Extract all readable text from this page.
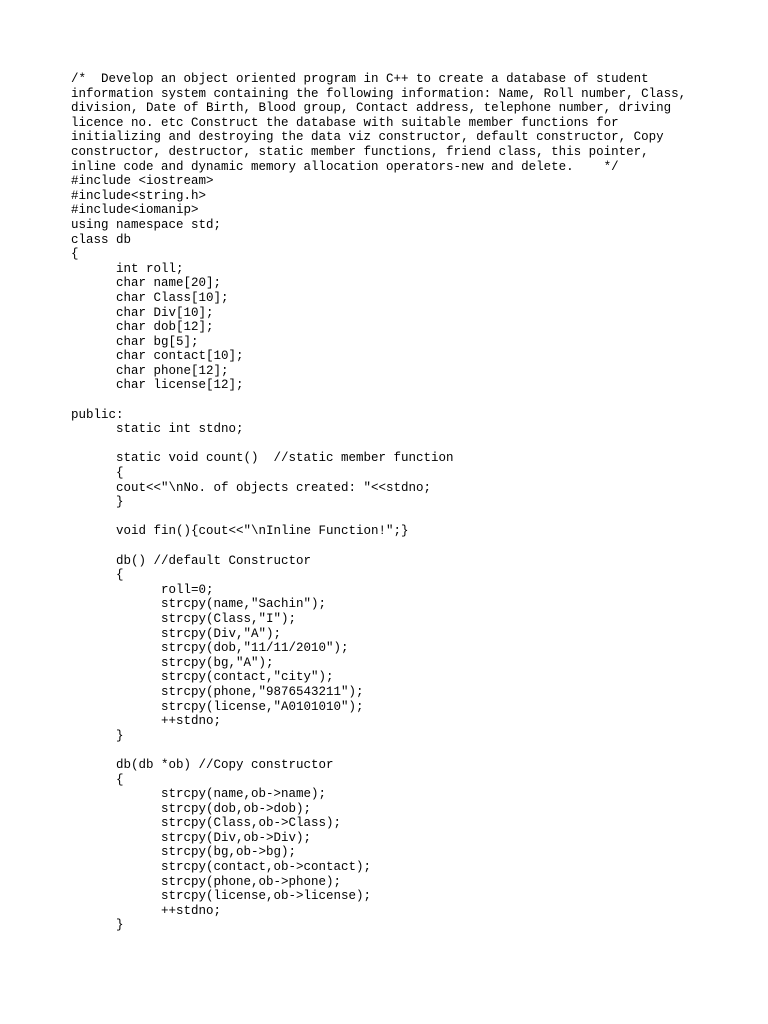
/*  Develop an object oriented program in C++ to create a database of student
information system containing the following information: Name, Roll number, Class,
division, Date of Birth, Blood group, Contact address, telephone number, driving
licence no. etc Construct the database with suitable member functions for
initializing and destroying the data viz constructor, default constructor, Copy
constructor, destructor, static member functions, friend class, this pointer,
inline code and dynamic memory allocation operators-new and delete.    */
#include <iostream>
#include<string.h>
#include<iomanip>
using namespace std;
class db
{
int roll;
char name[20];
char Class[10];
char Div[10];
char dob[12];
char bg[5];
char contact[10];
char phone[12];
char license[12];
public:
static int stdno;
static void count()  //static member function
{
cout<<"\nNo. of objects created: "<<stdno;
}
void fin(){cout<<"\nInline Function!";}
db() //default Constructor
{
roll=0;
strcpy(name,"Sachin");
strcpy(Class,"I");
strcpy(Div,"A");
strcpy(dob,"11/11/2010");
strcpy(bg,"A");
strcpy(contact,"city");
strcpy(phone,"9876543211");
strcpy(license,"A0101010");
++stdno;
}
db(db *ob) //Copy constructor
{
strcpy(name,ob->name);
strcpy(dob,ob->dob);
strcpy(Class,ob->Class);
strcpy(Div,ob->Div);
strcpy(bg,ob->bg);
strcpy(contact,ob->contact);
strcpy(phone,ob->phone);
strcpy(license,ob->license);
++stdno;
}
